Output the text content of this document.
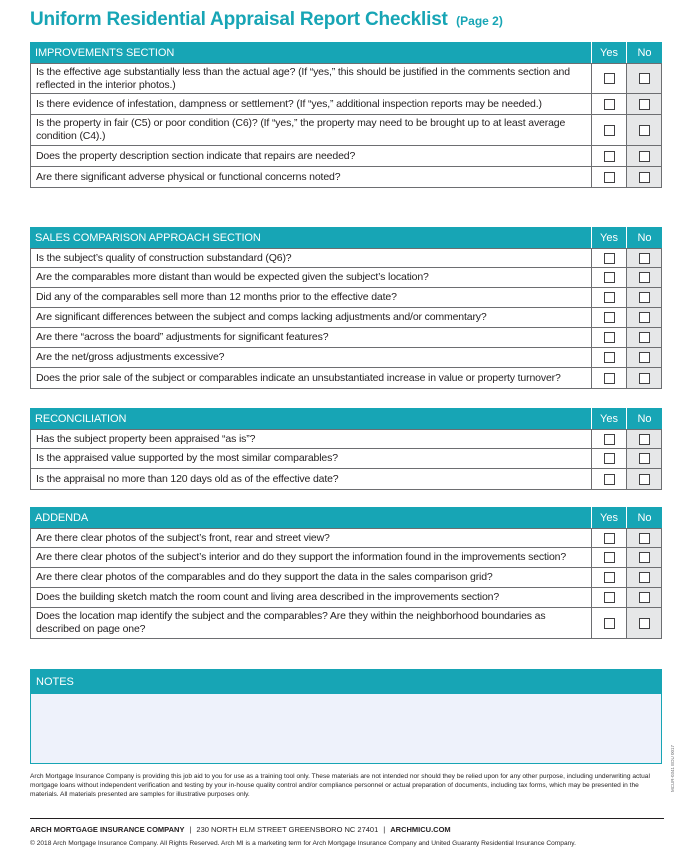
Uniform Residential Appraisal Report Checklist (Page 2)
IMPROVEMENTS SECTION	Yes	No
Is the effective age substantially less than the actual age? (If “yes,” this should be justified in the comments section and reflected in the interior photos.)
Is there evidence of infestation, dampness or settlement? (If “yes,” additional inspection reports may be needed.)
Is the property in fair (C5) or poor condition (C6)? (If “yes,” the property may need to be brought up to at least average condition (C4).)
Does the property description section indicate that repairs are needed?
Are there significant adverse physical or functional concerns noted?
SALES COMPARISON APPROACH SECTION	Yes	No
Is the subject’s quality of construction substandard (Q6)?
Are the comparables more distant than would be expected given the subject’s location?
Did any of the comparables sell more than 12 months prior to the effective date?
Are significant differences between the subject and comps lacking adjustments and/or commentary?
Are there “across the board” adjustments for significant features?
Are the net/gross adjustments excessive?
Does the prior sale of the subject or comparables indicate an unsubstantiated increase in value or property turnover?
RECONCILIATION	Yes	No
Has the subject property been appraised “as is”?
Is the appraised value supported by the most similar comparables?
Is the appraisal no more than 120 days old as of the effective date?
ADDENDA	Yes	No
Are there clear photos of the subject’s front, rear and street view?
Are there clear photos of the subject’s interior and do they support the information found in the improvements section?
Are there clear photos of the comparables and do they support the data in the sales comparison grid?
Does the building sketch match the room count and living area described in the improvements section?
Does the location map identify the subject and the comparables? Are they within the neighborhood boundaries as described on page one?
NOTES
Arch Mortgage Insurance Company is providing this job aid to you for use as a training tool only. These materials are not intended nor should they be relied upon for any other purpose, including underwriting actual mortgage loans without independent verification and testing by your in-house quality control and/or compliance personnel or actual preparation of documents, including tax forms, which may be presented in the materials. All materials presented are samples for illustrative purposes only.
ARCH MORTGAGE INSURANCE COMPANY | 230 NORTH ELM STREET GREENSBORO NC 27401 | ARCHMICU.COM
© 2018 Arch Mortgage Insurance Company. All Rights Reserved. Arch MI is a marketing term for Arch Mortgage Insurance Company and United Guaranty Residential Insurance Company.
MCUR-0341 EDU 0017
